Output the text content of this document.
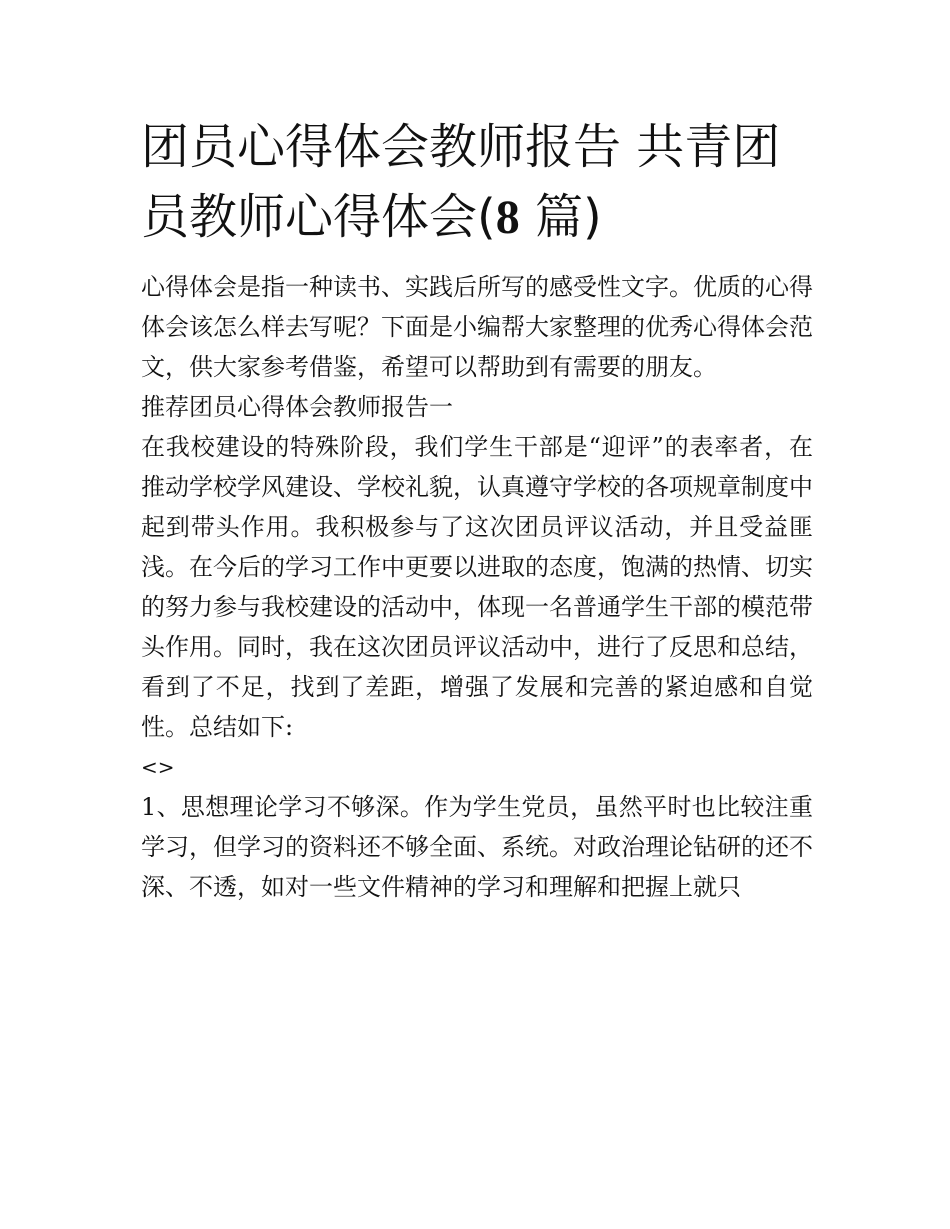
团员心得体会教师报告 共青团员教师心得体会(8 篇)

心得体会是指一种读书、实践后所写的感受性文字。优质的心得体会该怎么样去写呢？下面是小编帮大家整理的优秀心得体会范文，供大家参考借鉴，希望可以帮助到有需要的朋友。

推荐团员心得体会教师报告一

在我校建设的特殊阶段，我们学生干部是“迎评”的表率者，在推动学校学风建设、学校礼貌，认真遵守学校的各项规章制度中起到带头作用。我积极参与了这次团员评议活动，并且受益匪浅。在今后的学习工作中更要以进取的态度，饱满的热情、切实的努力参与我校建设的活动中，体现一名普通学生干部的模范带头作用。同时，我在这次团员评议活动中，进行了反思和总结，看到了不足，找到了差距，增强了发展和完善的紧迫感和自觉性。总结如下:

<>

1、思想理论学习不够深。作为学生党员，虽然平时也比较注重学习，但学习的资料还不够全面、系统。对政治理论钻研的还不深、不透，如对一些文件精神的学习和理解和把握上就只
